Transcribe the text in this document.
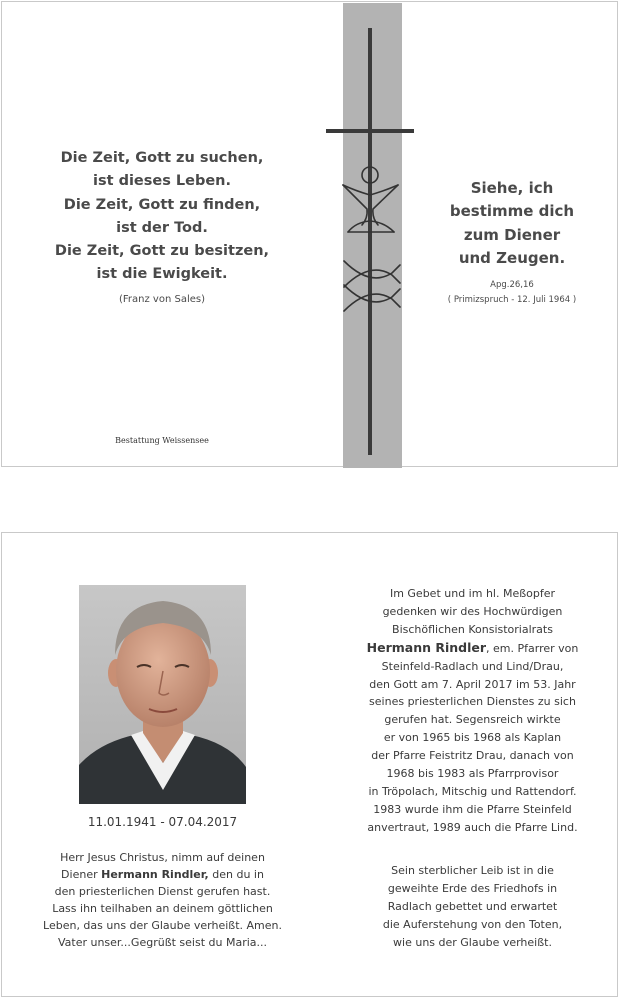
Die Zeit, Gott zu suchen,
ist dieses Leben.
Die Zeit, Gott zu finden,
ist der Tod.
Die Zeit, Gott zu besitzen,
ist die Ewigkeit.
(Franz von Sales)
Bestattung Weissensee
Siehe, ich
bestimme dich
zum Diener
und Zeugen.
Apg.26,16
( Primizspruch - 12. Juli 1964 )
11.01.1941 - 07.04.2017
Herr Jesus Christus, nimm auf deinen
Diener Hermann Rindler, den du in
den priesterlichen Dienst gerufen hast.
Lass ihn teilhaben an deinem göttlichen
Leben, das uns der Glaube verheißt. Amen.
Vater unser...Gegrüßt seist du Maria...
Im Gebet und im hl. Meßopfer
gedenken wir des Hochwürdigen
Bischöflichen Konsistorialrats
Hermann Rindler, em. Pfarrer von
Steinfeld-Radlach und Lind/Drau,
den Gott am 7. April 2017 im 53. Jahr
seines priesterlichen Dienstes zu sich
gerufen hat. Segensreich wirkte
er von 1965 bis 1968 als Kaplan
der Pfarre Feistritz Drau, danach von
1968 bis 1983 als Pfarrprovisor
in Tröpolach, Mitschig und Rattendorf.
1983 wurde ihm die Pfarre Steinfeld
anvertraut, 1989 auch die Pfarre Lind.
Sein sterblicher Leib ist in die
geweihte Erde des Friedhofs in
Radlach gebettet und erwartet
die Auferstehung von den Toten,
wie uns der Glaube verheißt.
